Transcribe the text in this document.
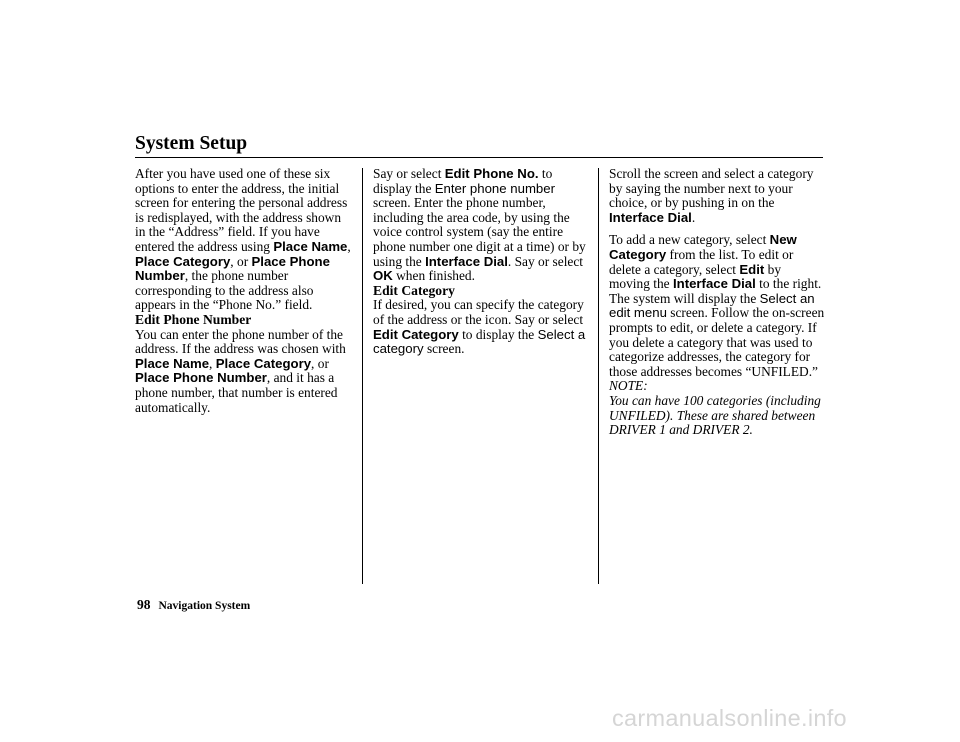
System Setup

After you have used one of these six options to enter the address, the initial screen for entering the personal address is redisplayed, with the address shown in the “Address” field. If you have entered the address using Place Name, Place Category, or Place Phone Number, the phone number corresponding to the address also appears in the “Phone No.” field.

Edit Phone Number

You can enter the phone number of the address. If the address was chosen with Place Name, Place Category, or Place Phone Number, and it has a phone number, that number is entered automatically.

Say or select Edit Phone No. to display the Enter phone number screen. Enter the phone number, including the area code, by using the voice control system (say the entire phone number one digit at a time) or by using the Interface Dial. Say or select OK when finished.

Edit Category

If desired, you can specify the category of the address or the icon. Say or select Edit Category to display the Select a category screen.

Scroll the screen and select a category by saying the number next to your choice, or by pushing in on the Interface Dial.

To add a new category, select New Category from the list. To edit or delete a category, select Edit by moving the Interface Dial to the right. The system will display the Select an edit menu screen. Follow the on-screen prompts to edit, or delete a category. If you delete a category that was used to categorize addresses, the category for those addresses becomes “UNFILED.”

NOTE:

You can have 100 categories (including UNFILED). These are shared between DRIVER 1 and DRIVER 2.

98 Navigation System
carmanualsonline.info
